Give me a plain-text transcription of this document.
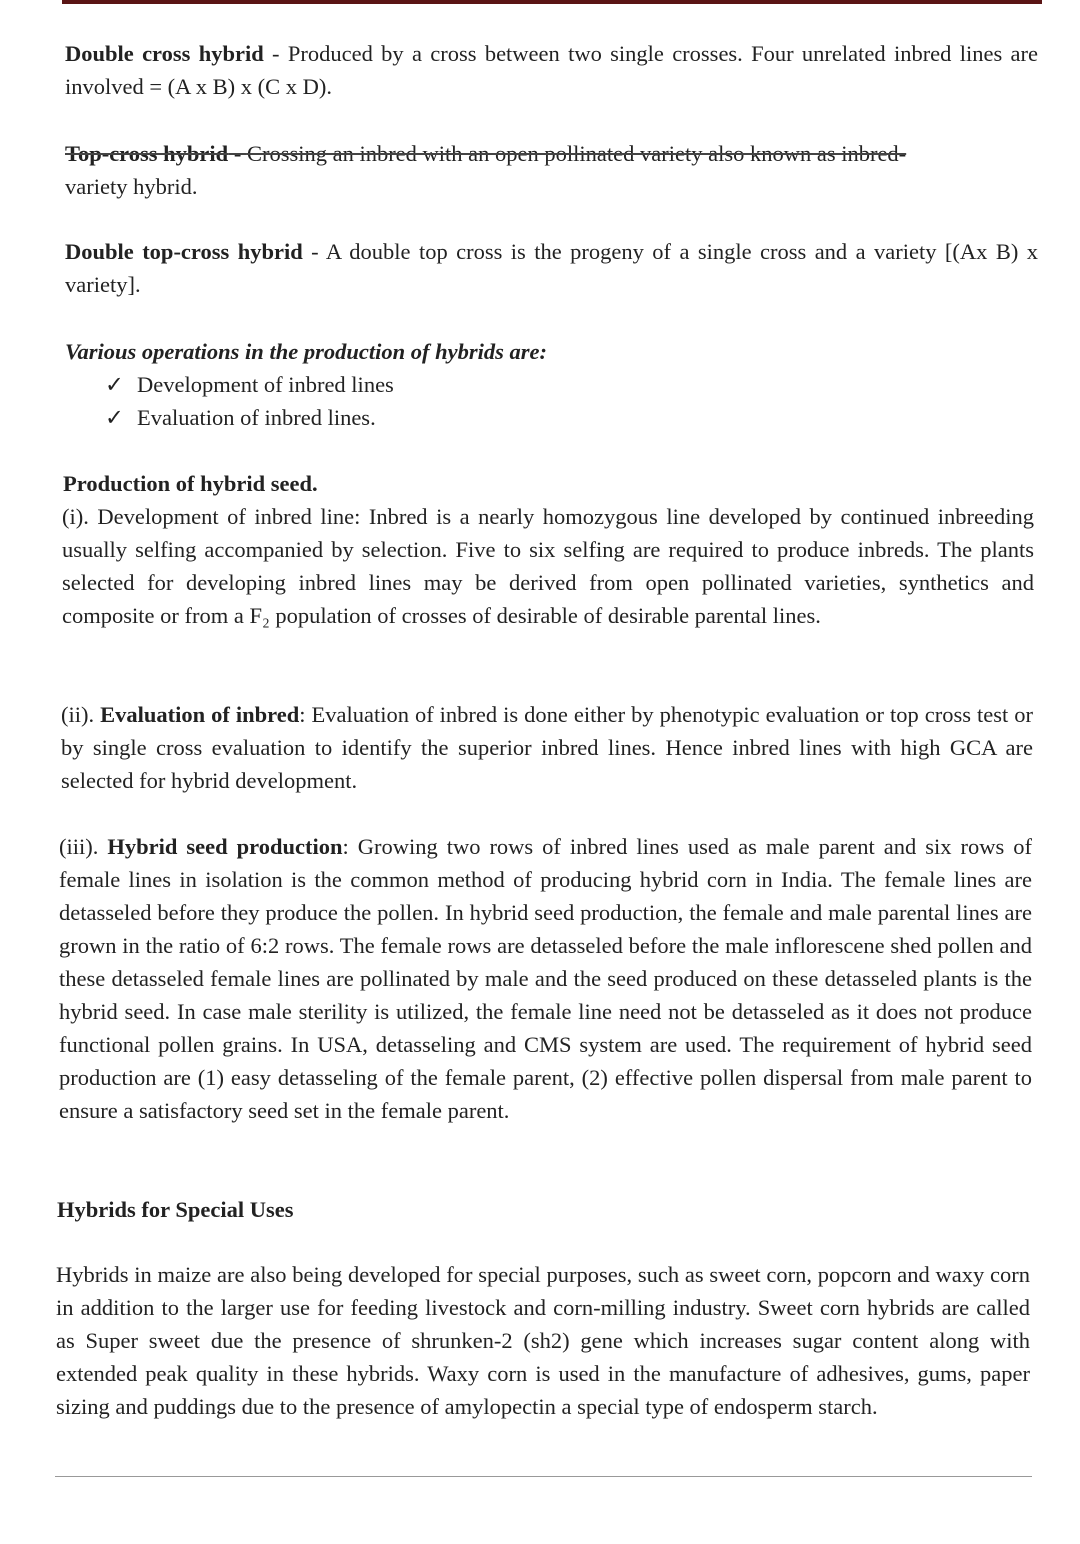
Double cross hybrid - Produced by a cross between two single crosses. Four unrelated inbred lines are involved = (A x B) x (C x D).
Top-cross hybrid - Crossing an inbred with an open pollinated variety also known as inbred-
variety hybrid.
Double top-cross hybrid - A double top cross is the progeny of a single cross and a variety [(Ax B) x variety].
Various operations in the production of hybrids are:
✓ Development of inbred lines
✓ Evaluation of inbred lines.
Production of hybrid seed.
(i). Development of inbred line: Inbred is a nearly homozygous line developed by continued inbreeding usually selfing accompanied by selection. Five to six selfing are required to produce inbreds. The plants selected for developing inbred lines may be derived from open pollinated varieties, synthetics and composite or from a F₂ population of crosses of desirable of desirable parental lines.
(ii). Evaluation of inbred: Evaluation of inbred is done either by phenotypic evaluation or top cross test or by single cross evaluation to identify the superior inbred lines. Hence inbred lines with high GCA are selected for hybrid development.
(iii). Hybrid seed production: Growing two rows of inbred lines used as male parent and six rows of female lines in isolation is the common method of producing hybrid corn in India. The female lines are detasseled before they produce the pollen. In hybrid seed production, the female and male parental lines are grown in the ratio of 6:2 rows. The female rows are detasseled before the male inflorescene shed pollen and these detasseled female lines are pollinated by male and the seed produced on these detasseled plants is the hybrid seed. In case male sterility is utilized, the female line need not be detasseled as it does not produce functional pollen grains. In USA, detasseling and CMS system are used. The requirement of hybrid seed production are (1) easy detasseling of the female parent, (2) effective pollen dispersal from male parent to ensure a satisfactory seed set in the female parent.
Hybrids for Special Uses
Hybrids in maize are also being developed for special purposes, such as sweet corn, popcorn and waxy corn in addition to the larger use for feeding livestock and corn-milling industry. Sweet corn hybrids are called as Super sweet due the presence of shrunken-2 (sh2) gene which increases sugar content along with extended peak quality in these hybrids. Waxy corn is used in the manufacture of adhesives, gums, paper sizing and puddings due to the presence of amylopectin a special type of endosperm starch.
